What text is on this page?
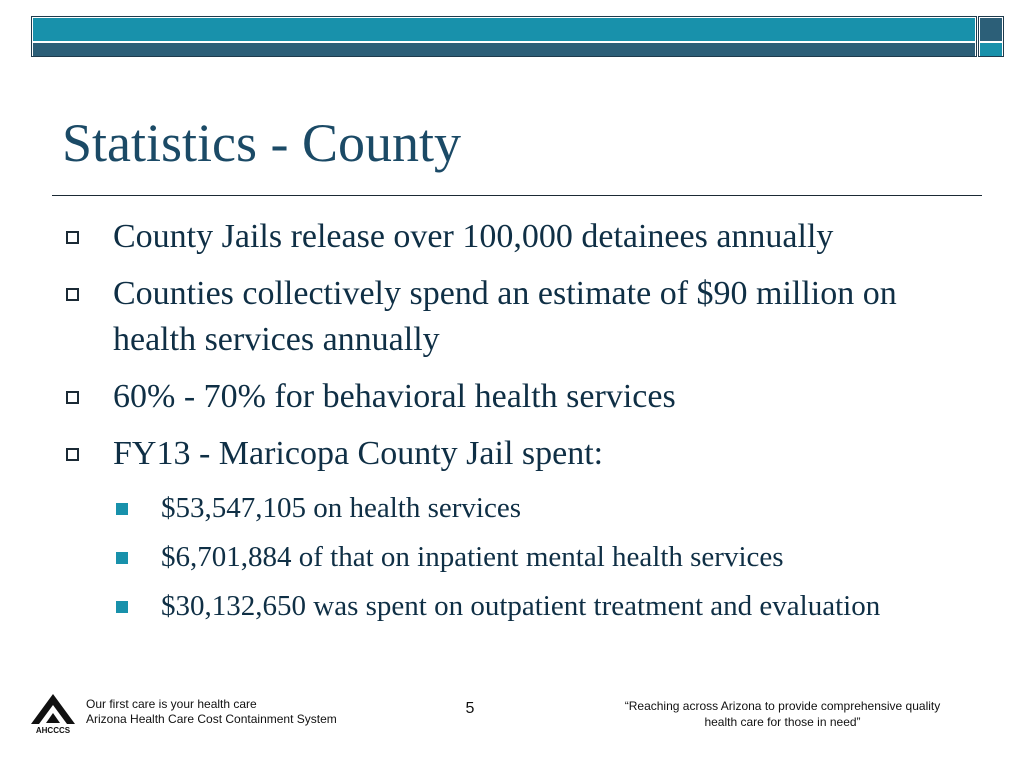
Statistics - County
County Jails release over 100,000 detainees annually
Counties collectively spend an estimate of $90 million on health services annually
60% - 70% for behavioral health services
FY13 - Maricopa County Jail spent:
$53,547,105 on health services
$6,701,884 of that on inpatient mental health services
$30,132,650 was spent on outpatient treatment and evaluation
AHCCCS
Our first care is your health care
Arizona Health Care Cost Containment System
5	“Reaching across Arizona to provide comprehensive quality
health care for those in need”
